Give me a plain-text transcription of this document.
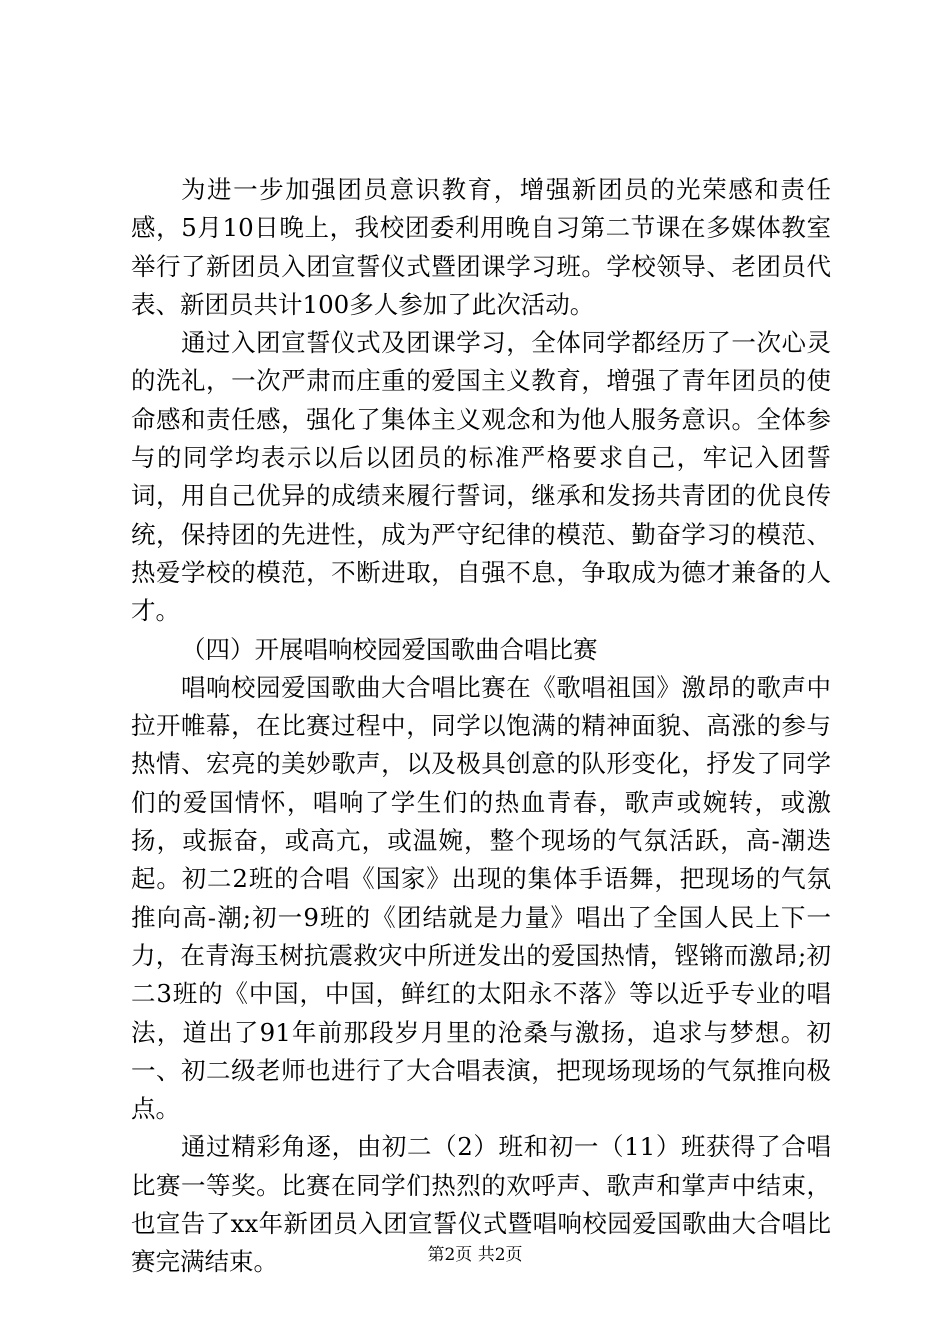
为进一步加强团员意识教育，增强新团员的光荣感和责任感，5月10日晚上，我校团委利用晚自习第二节课在多媒体教室举行了新团员入团宣誓仪式暨团课学习班。学校领导、老团员代表、新团员共计100多人参加了此次活动。

通过入团宣誓仪式及团课学习，全体同学都经历了一次心灵的洗礼，一次严肃而庄重的爱国主义教育，增强了青年团员的使命感和责任感，强化了集体主义观念和为他人服务意识。全体参与的同学均表示以后以团员的标准严格要求自己，牢记入团誓词，用自己优异的成绩来履行誓词，继承和发扬共青团的优良传统，保持团的先进性，成为严守纪律的模范、勤奋学习的模范、热爱学校的模范，不断进取，自强不息，争取成为德才兼备的人才。

（四）开展唱响校园爱国歌曲合唱比赛

唱响校园爱国歌曲大合唱比赛在《歌唱祖国》激昂的歌声中拉开帷幕，在比赛过程中，同学以饱满的精神面貌、高涨的参与热情、宏亮的美妙歌声，以及极具创意的队形变化，抒发了同学们的爱国情怀，唱响了学生们的热血青春，歌声或婉转，或激扬，或振奋，或高亢，或温婉，整个现场的气氛活跃，高-潮迭起。初二2班的合唱《国家》出现的集体手语舞，把现场的气氛推向高-潮;初一9班的《团结就是力量》唱出了全国人民上下一力，在青海玉树抗震救灾中所迸发出的爱国热情，铿锵而激昂;初二3班的《中国，中国，鲜红的太阳永不落》等以近乎专业的唱法，道出了91年前那段岁月里的沧桑与激扬，追求与梦想。初一、初二级老师也进行了大合唱表演，把现场现场的气氛推向极点。

通过精彩角逐，由初二（2）班和初一（11）班获得了合唱比赛一等奖。比赛在同学们热烈的欢呼声、歌声和掌声中结束，也宣告了xx年新团员入团宣誓仪式暨唱响校园爱国歌曲大合唱比赛完满结束。	第2页 共2页
